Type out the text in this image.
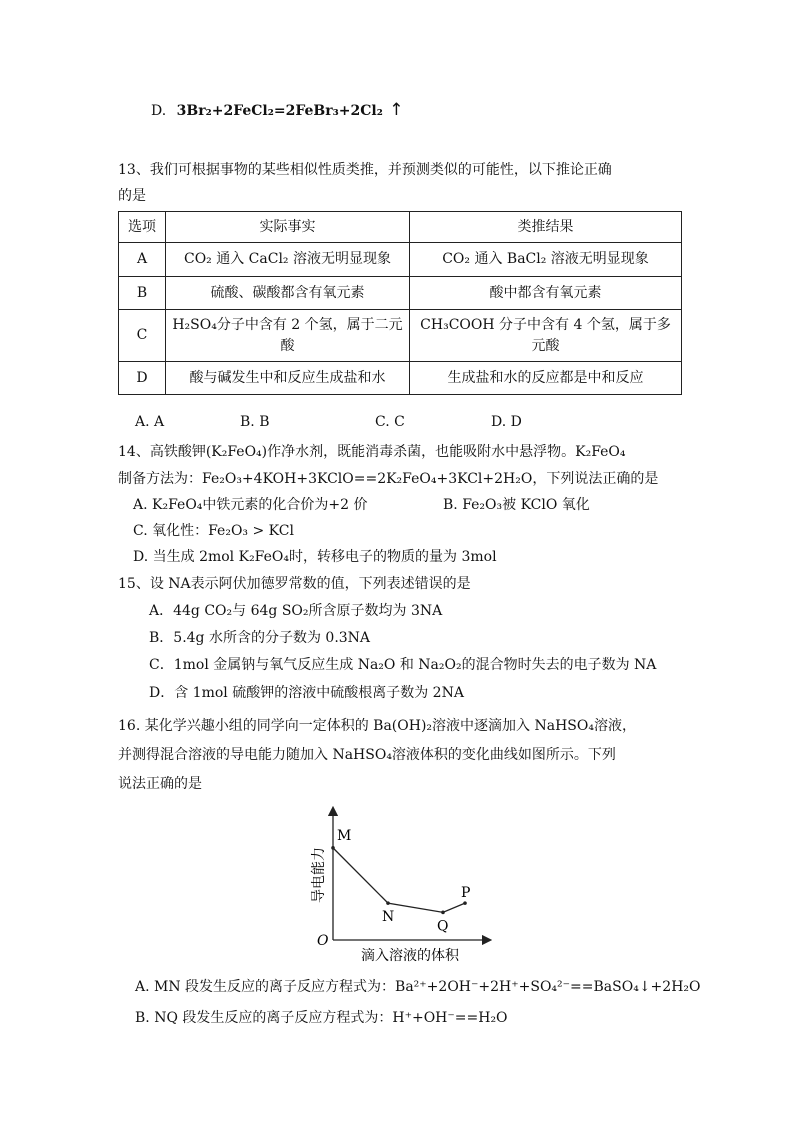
D. 3Br₂+2FeCl₂=2FeBr₃+2Cl₂ ↑
13、我们可根据事物的某些相似性质类推，并预测类似的可能性，以下推论正确
的是
选项	实际事实	类推结果
A	CO₂ 通入 CaCl₂ 溶液无明显现象	CO₂ 通入 BaCl₂ 溶液无明显现象
B	硫酸、碳酸都含有氧元素	酸中都含有氧元素
C	H₂SO₄分子中含有 2 个氢，属于二元酸	CH₃COOH 分子中含有 4 个氢，属于多元酸
D	酸与碱发生中和反应生成盐和水	生成盐和水的反应都是中和反应
A. A	B. B	C. C	D. D
14、高铁酸钾(K₂FeO₄)作净水剂，既能消毒杀菌，也能吸附水中悬浮物。K₂FeO₄
制备方法为：Fe₂O₃+4KOH+3KClO==2K₂FeO₄+3KCl+2H₂O，下列说法正确的是
A. K₂FeO₄中铁元素的化合价为+2 价	B. Fe₂O₃被 KClO 氧化
C. 氧化性：Fe₂O₃ > KCl
D. 当生成 2mol K₂FeO₄时，转移电子的物质的量为 3mol
15、设 NA表示阿伏加德罗常数的值，下列表述错误的是
A．44g CO₂与 64g SO₂所含原子数均为 3NA
B．5.4g 水所含的分子数为 0.3NA
C．1mol 金属钠与氧气反应生成 Na₂O 和 Na₂O₂的混合物时失去的电子数为 NA
D．含 1mol 硫酸钾的溶液中硫酸根离子数为 2NA
16. 某化学兴趣小组的同学向一定体积的 Ba(OH)₂溶液中逐滴加入 NaHSO₄溶液，
并测得混合溶液的导电能力随加入 NaHSO₄溶液体积的变化曲线如图所示。下列
说法正确的是
O
导电能力
滴入溶液的体积
M
N
Q
P
A. MN 段发生反应的离子反应方程式为：Ba²⁺+2OH⁻+2H⁺+SO₄²⁻==BaSO₄↓+2H₂O
B. NQ 段发生反应的离子反应方程式为：H⁺+OH⁻==H₂O
